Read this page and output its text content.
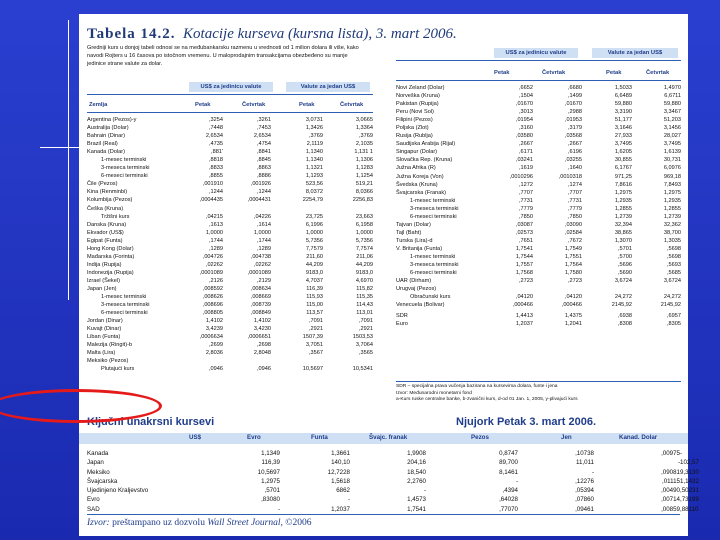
Tabela 14.2. Kotacije kurseva (kursna lista), 3. mart 2006.
Gredniji kurs u donjoj tabeli odnosi se na međubankarsku razmenu u vrednosti od 1 milion dolara ili više, kako navodi Rojters u 16 časova po istočnom vremenu. U maloprodajnim transakcijama obezbeđeno su manje jedinice strane valute za dolar.
US$ za jedinicu valute	Valute za jedan US$
Zemlja	Petak	Četvrtak	Petak	Četvrtak
Argentina (Pezos)-y	,3254	,3261	3,0731	3,0665
Australija (Dolar)	,7448	,7453	1,3426	1,3364
Bahrain (Dinar)	2,6534	2,6534	,3769	,3769
Brazil (Real)	,4735	,4754	2,1119	2,1035
Kanada (Dolar)	,881'	,8841	1,1340	1,131 1
1-mesec terminski	,8818	,8845	1,1340	1,1306
3-meseca terminski	,8833	,8863	1,1321	1,1283
6-meseci terminski	,8855	,8886	1,1293	1,1254
Čile (Pezos)	,001910	,001926	523,56	519,21
Kina (Renminbi)	,1244	,1244	8,0372	8,0366
Kolumbija (Pezos)	,0004435	,0004431	2254,79	2256,83
Češka (Kruna)				
Tržišni kurs	,04215	,04226	23,725	23,663
Danska (Kruna)	,1613	,1614	6,1996	6,1958
Ekvador (US$)	1,0000	1,0000	1,0000	1,0000
Egipat (Funta)	,1744	,1744	5,7356	5,7356
Hong Kong (Dolar)	,1289	,1289	7,7579	7,7574
Mađarska (Forinta)	,004726	,004738	211,60	211,06
Indija (Rupija)	,02262	,02262	44,209	44,209
Indonezija (Rupija)	,0001089	,0001089	9183,0	9183,0
Izrael (Šekel)	,2126	,2129	4,7037	4,6970
Japan (Jen)	,008592	,008634	116,39	115,82
1-mesec terminski	,008626	,008669	115,93	115,35
3-meseca terminski	,008696	,008739	115,00	114,43
6-meseci terminski	,008805	,008849	113,57	113,01
Jordan (Dinar)	1,4102	1,4102	,7091	,7091
Kuvajt (Dinar)	3,4239	3,4230	,2921	,2921
Liban (Funta)	,0006634	,0006651	1507,39	1503,53
Malezija (Ringit)-b	,2699	,2698	3,7051	3,7064
Malta (Lira)	2,8036	2,8048	,3567	,3565
Meksiko (Pezos)				
Plutajući kurs	,0946	,0946	10,5697	10,5341
US$ za jedinicu valute	Valute za jedan US$
Petak	Četvrtak	Petak	Četvrtak
Novi Zeland (Dolar)	,6652	,6680	1,5033	1,4970
Norveška (Kruna)	,1504	,1499	6,6489	6,6711
Pakistan (Rupija)	,01670	,01670	59,880	59,880
Peru (Novi Sol)	,3013	,2988	3,3190	3,3467
Filipini (Pezos)	,01954	,01953	51,177	51,203
Poljska (Zlot)	,3160	,3179	3,1646	3,1456
Rusija (Rublja)	,03580	,03568	27,933	28,027
Saudijska Arabija (Rijal)	,2667	,2667	3,7495	3,7495
Singapur (Dolar)	,6171	,6196	1,6205	1,6139
Slovačka Rep. (Kruna)	,03241	,03255	30,855	30,731
Južna Afrika (R)	,1619	,1640	6,1767	6,0976
Južna Koreja (Von)	,0010296	,0010318	971,25	969,18
Švedska (Kruna)	,1272	,1274	7,8616	7,8493
Švajcarska (Franak)	,7707	,7707	1,2975	1,2975
1-mesec terminski	,7731	,7731	1,2935	1,2935
3-meseca terminski	,7779	,7779	1,2855	1,2855
6-meseci terminski	,7850	,7850	1,2739	1,2739
Tajvan (Dolar)	,03087	,03090	32,394	32,362
Tajl (Baht)	,02573	,02584	38,865	38,700
Turska (Lira)-d	,7651	,7672	1,3070	1,3035
V. Britanija (Funta)	1,7541	1,7549	,5701	,5698
1-mesec terminski	1,7544	1,7551	,5700	,5698
3-meseca terminski	1,7557	1,7564	,5696	,5693
6-meseci terminski	1,7568	1,7580	,5690	,5685
UAR (Dirham)	,2723	,2723	3,6724	3,6724
Urugvaj (Pezos)				
Obračunski kurs	,04120	,04120	24,272	24,272
Venecuela (Bolivar)	,000466	,000466	2145,92	2145,92
SDR	1,4413	1,4375	,6938	,6957
Euro	1,2037	1,2041	,8308	,8305
SDR – specijalna prava vučenja bazirana na kursevima dolara, funte i jena
Izvor: Međunarodni monetarni fond
a-Kurs ruske centralne banke, b-zvanični kurs, d-od 01 Jan. 1, 2005, y-plivajući kurs
Ključni unakrsni kursevi	Njujork Petak 3. mart 2006.
US$	Evro	Funta	Švajc. franak	Pezos	Jen	Kanad. Dolar
Kanada	1,1349	1,3661	1,9908	0,8747	,10738	,00975	-
Japan	116,39	140,10	204,16	89,700	11,011	-	102,57
Meksiko	10,5697	12,7228	18,540	8,1461	-	,09081	9,3130
Švajcarska	1,2975	1,5618	2,2760	-	,12276	,01115	1,1432
Ujedinjeno Kraljevstvo	,5701	6862	-	,4394	,05394	,00490	,50231
Evro	,83080	-	1,4573	,64028	,07860	,00714	,73199
SAD	-	1,2037	1,7541	,77070	,09461	,00859	,88110
Izvor: preštampano uz dozvolu Wall Street Journal, ©2006
